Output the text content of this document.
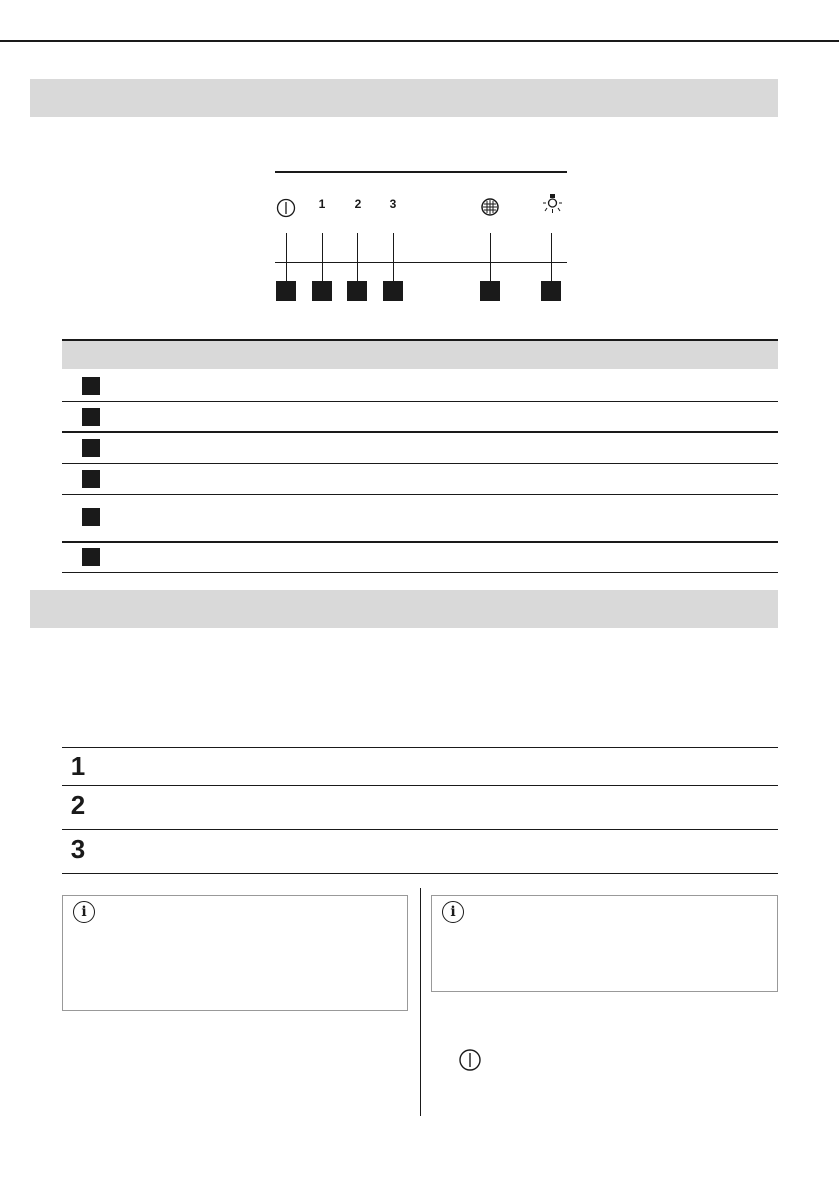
1	2	3
1
2
3
i	i
